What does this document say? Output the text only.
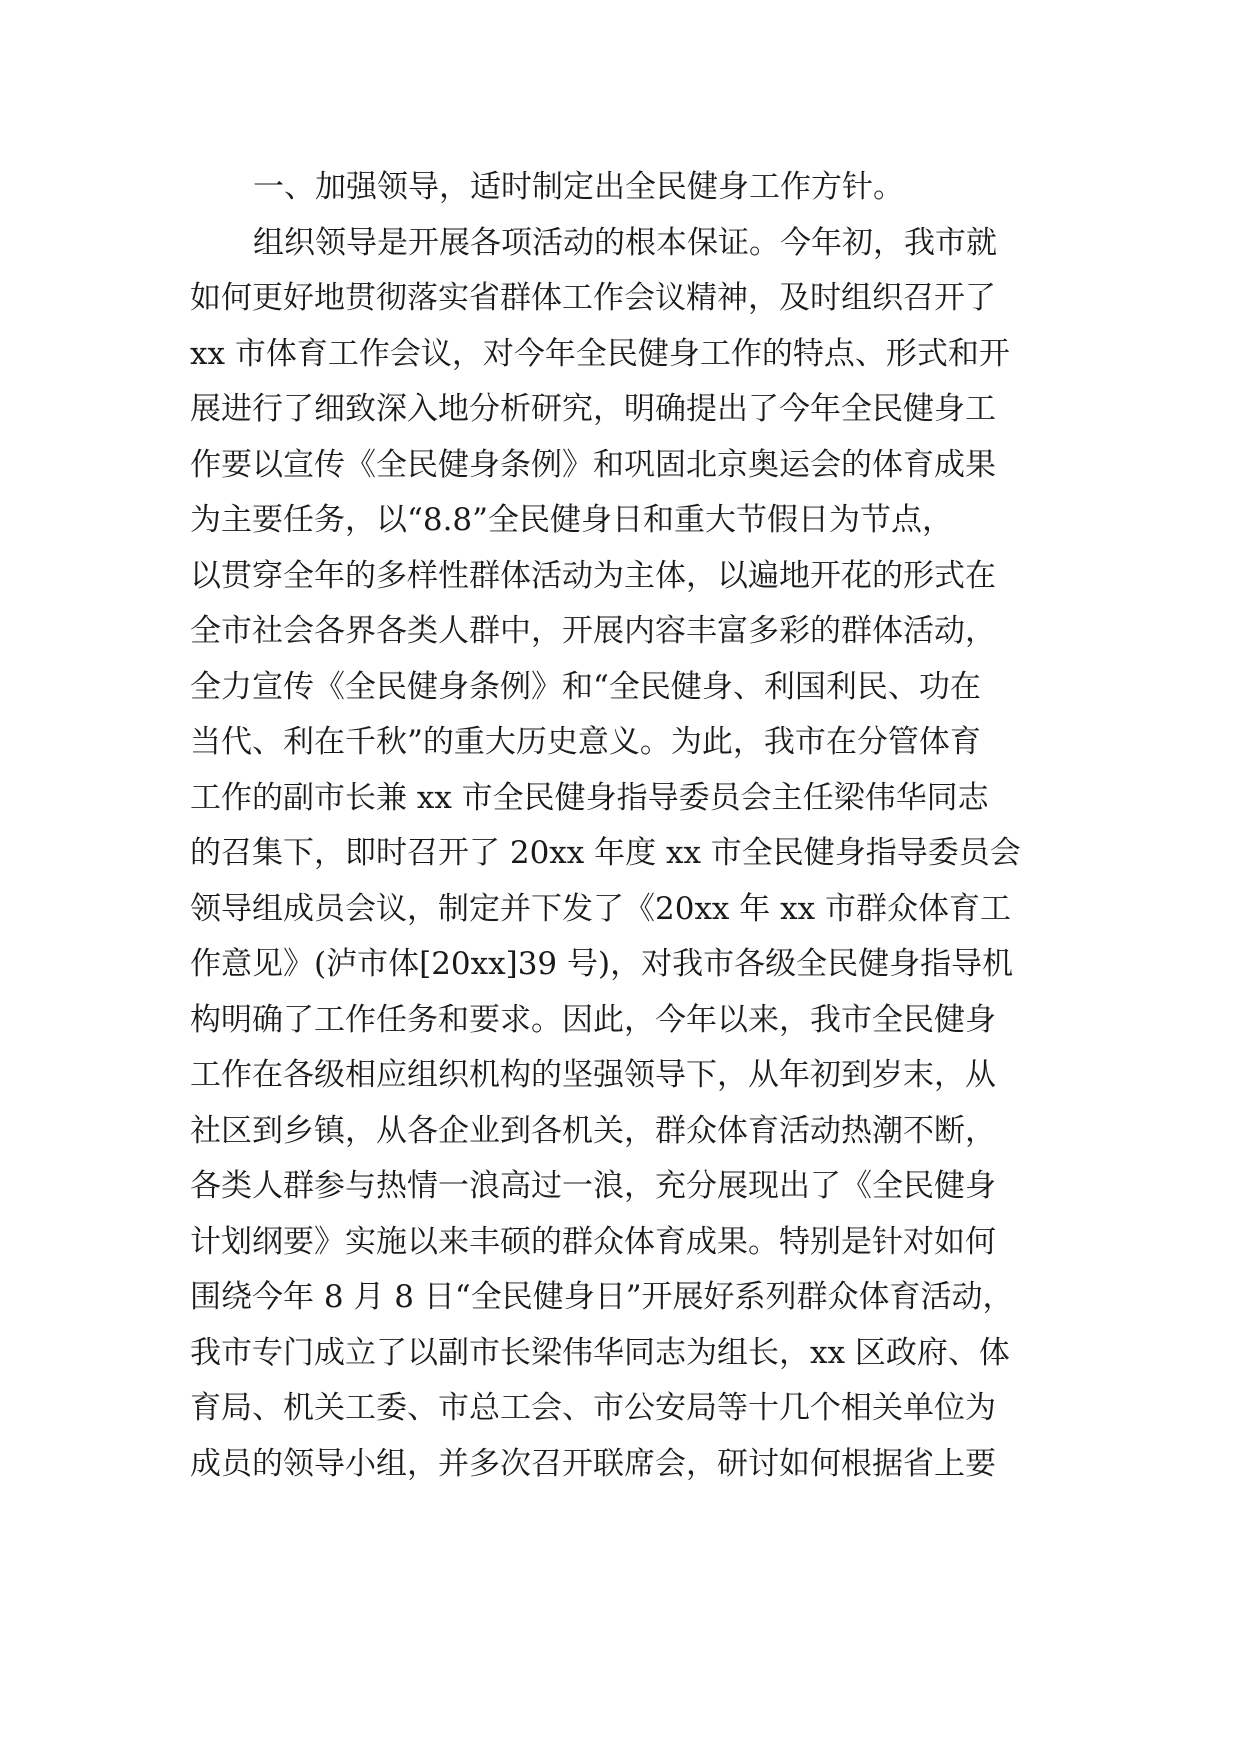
一、加强领导，适时制定出全民健身工作方针。
组织领导是开展各项活动的根本保证。今年初，我市就
如何更好地贯彻落实省群体工作会议精神，及时组织召开了
xx 市体育工作会议，对今年全民健身工作的特点、形式和开
展进行了细致深入地分析研究，明确提出了今年全民健身工
作要以宣传《全民健身条例》和巩固北京奥运会的体育成果
为主要任务，以“8.8”全民健身日和重大节假日为节点，
以贯穿全年的多样性群体活动为主体，以遍地开花的形式在
全市社会各界各类人群中，开展内容丰富多彩的群体活动，
全力宣传《全民健身条例》和“全民健身、利国利民、功在
当代、利在千秋”的重大历史意义。为此，我市在分管体育
工作的副市长兼 xx 市全民健身指导委员会主任梁伟华同志
的召集下，即时召开了 20xx 年度 xx 市全民健身指导委员会
领导组成员会议，制定并下发了《20xx 年 xx 市群众体育工
作意见》(泸市体[20xx]39 号)，对我市各级全民健身指导机
构明确了工作任务和要求。因此，今年以来，我市全民健身
工作在各级相应组织机构的坚强领导下，从年初到岁末，从
社区到乡镇，从各企业到各机关，群众体育活动热潮不断，
各类人群参与热情一浪高过一浪，充分展现出了《全民健身
计划纲要》实施以来丰硕的群众体育成果。特别是针对如何
围绕今年 8 月 8 日“全民健身日”开展好系列群众体育活动，
我市专门成立了以副市长梁伟华同志为组长，xx 区政府、体
育局、机关工委、市总工会、市公安局等十几个相关单位为
成员的领导小组，并多次召开联席会，研讨如何根据省上要
